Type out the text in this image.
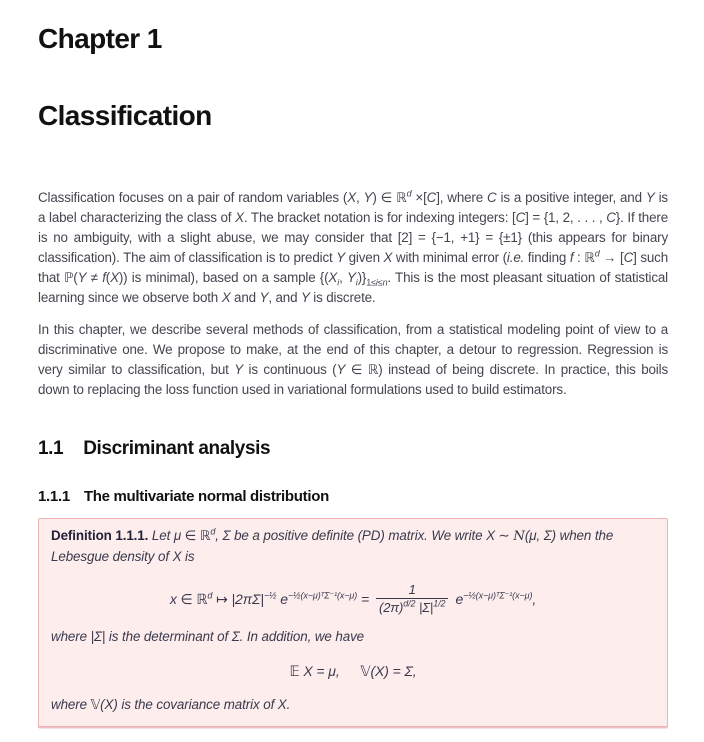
Chapter 1
Classification

Classification focuses on a pair of random variables (X, Y) ∈ ℝ$^d$ ×[C], where C is a positive integer, and Y is a label characterizing the class of X. The bracket notation is for indexing integers: [C] = {1, 2, . . . , C}. If there is no ambiguity, with a slight abuse, we may consider that [2] = {−1, +1} = {±1} (this appears for binary classification). The aim of classification is to predict Y given X with minimal error (i.e. finding f : ℝ$^d$ → [C] such that ℙ(Y ≠ f(X)) is minimal), based on a sample {($X_i$, $Y_i)\}_{1\le i\le n}$. This is the most pleasant situation of statistical learning since we observe both X and Y, and Y is discrete.

In this chapter, we describe several methods of classification, from a statistical modeling point of view to a discriminative one. We propose to make, at the end of this chapter, a detour to regression. Regression is very similar to classification, but Y is continuous (Y ∈ ℝ) instead of being discrete. In practice, this boils down to replacing the loss function used in variational formulations used to build estimators.

1.1 Discriminant analysis
1.1.1 The multivariate normal distribution
Definition 1.1.1. Let μ ∈ ℝ$^d$, Σ be a positive definite (PD) matrix. We write X ∼ N(μ, Σ) when the Lebesgue density of X is
x ∈ ℝ$^d$ ↦ $|2\pi\Sigma|^{-\frac{1}{2}}$ $e^{-\frac{1}{2}(x-\mu)ᵀ\Sigma^{-1}(x-\mu)} = \frac{1}{(2\pi)^{d/2} |\Sigma|^{1/2}} e^{-\frac{1}{2}(x-\mu)ᵀ\Sigma^{-1}(x-\mu)}$,
where |Σ| is the determinant of Σ. In addition, we have
𝔼 X = μ,  𝕍(X) = Σ,
where 𝕍(X) is the covariance matrix of X.
